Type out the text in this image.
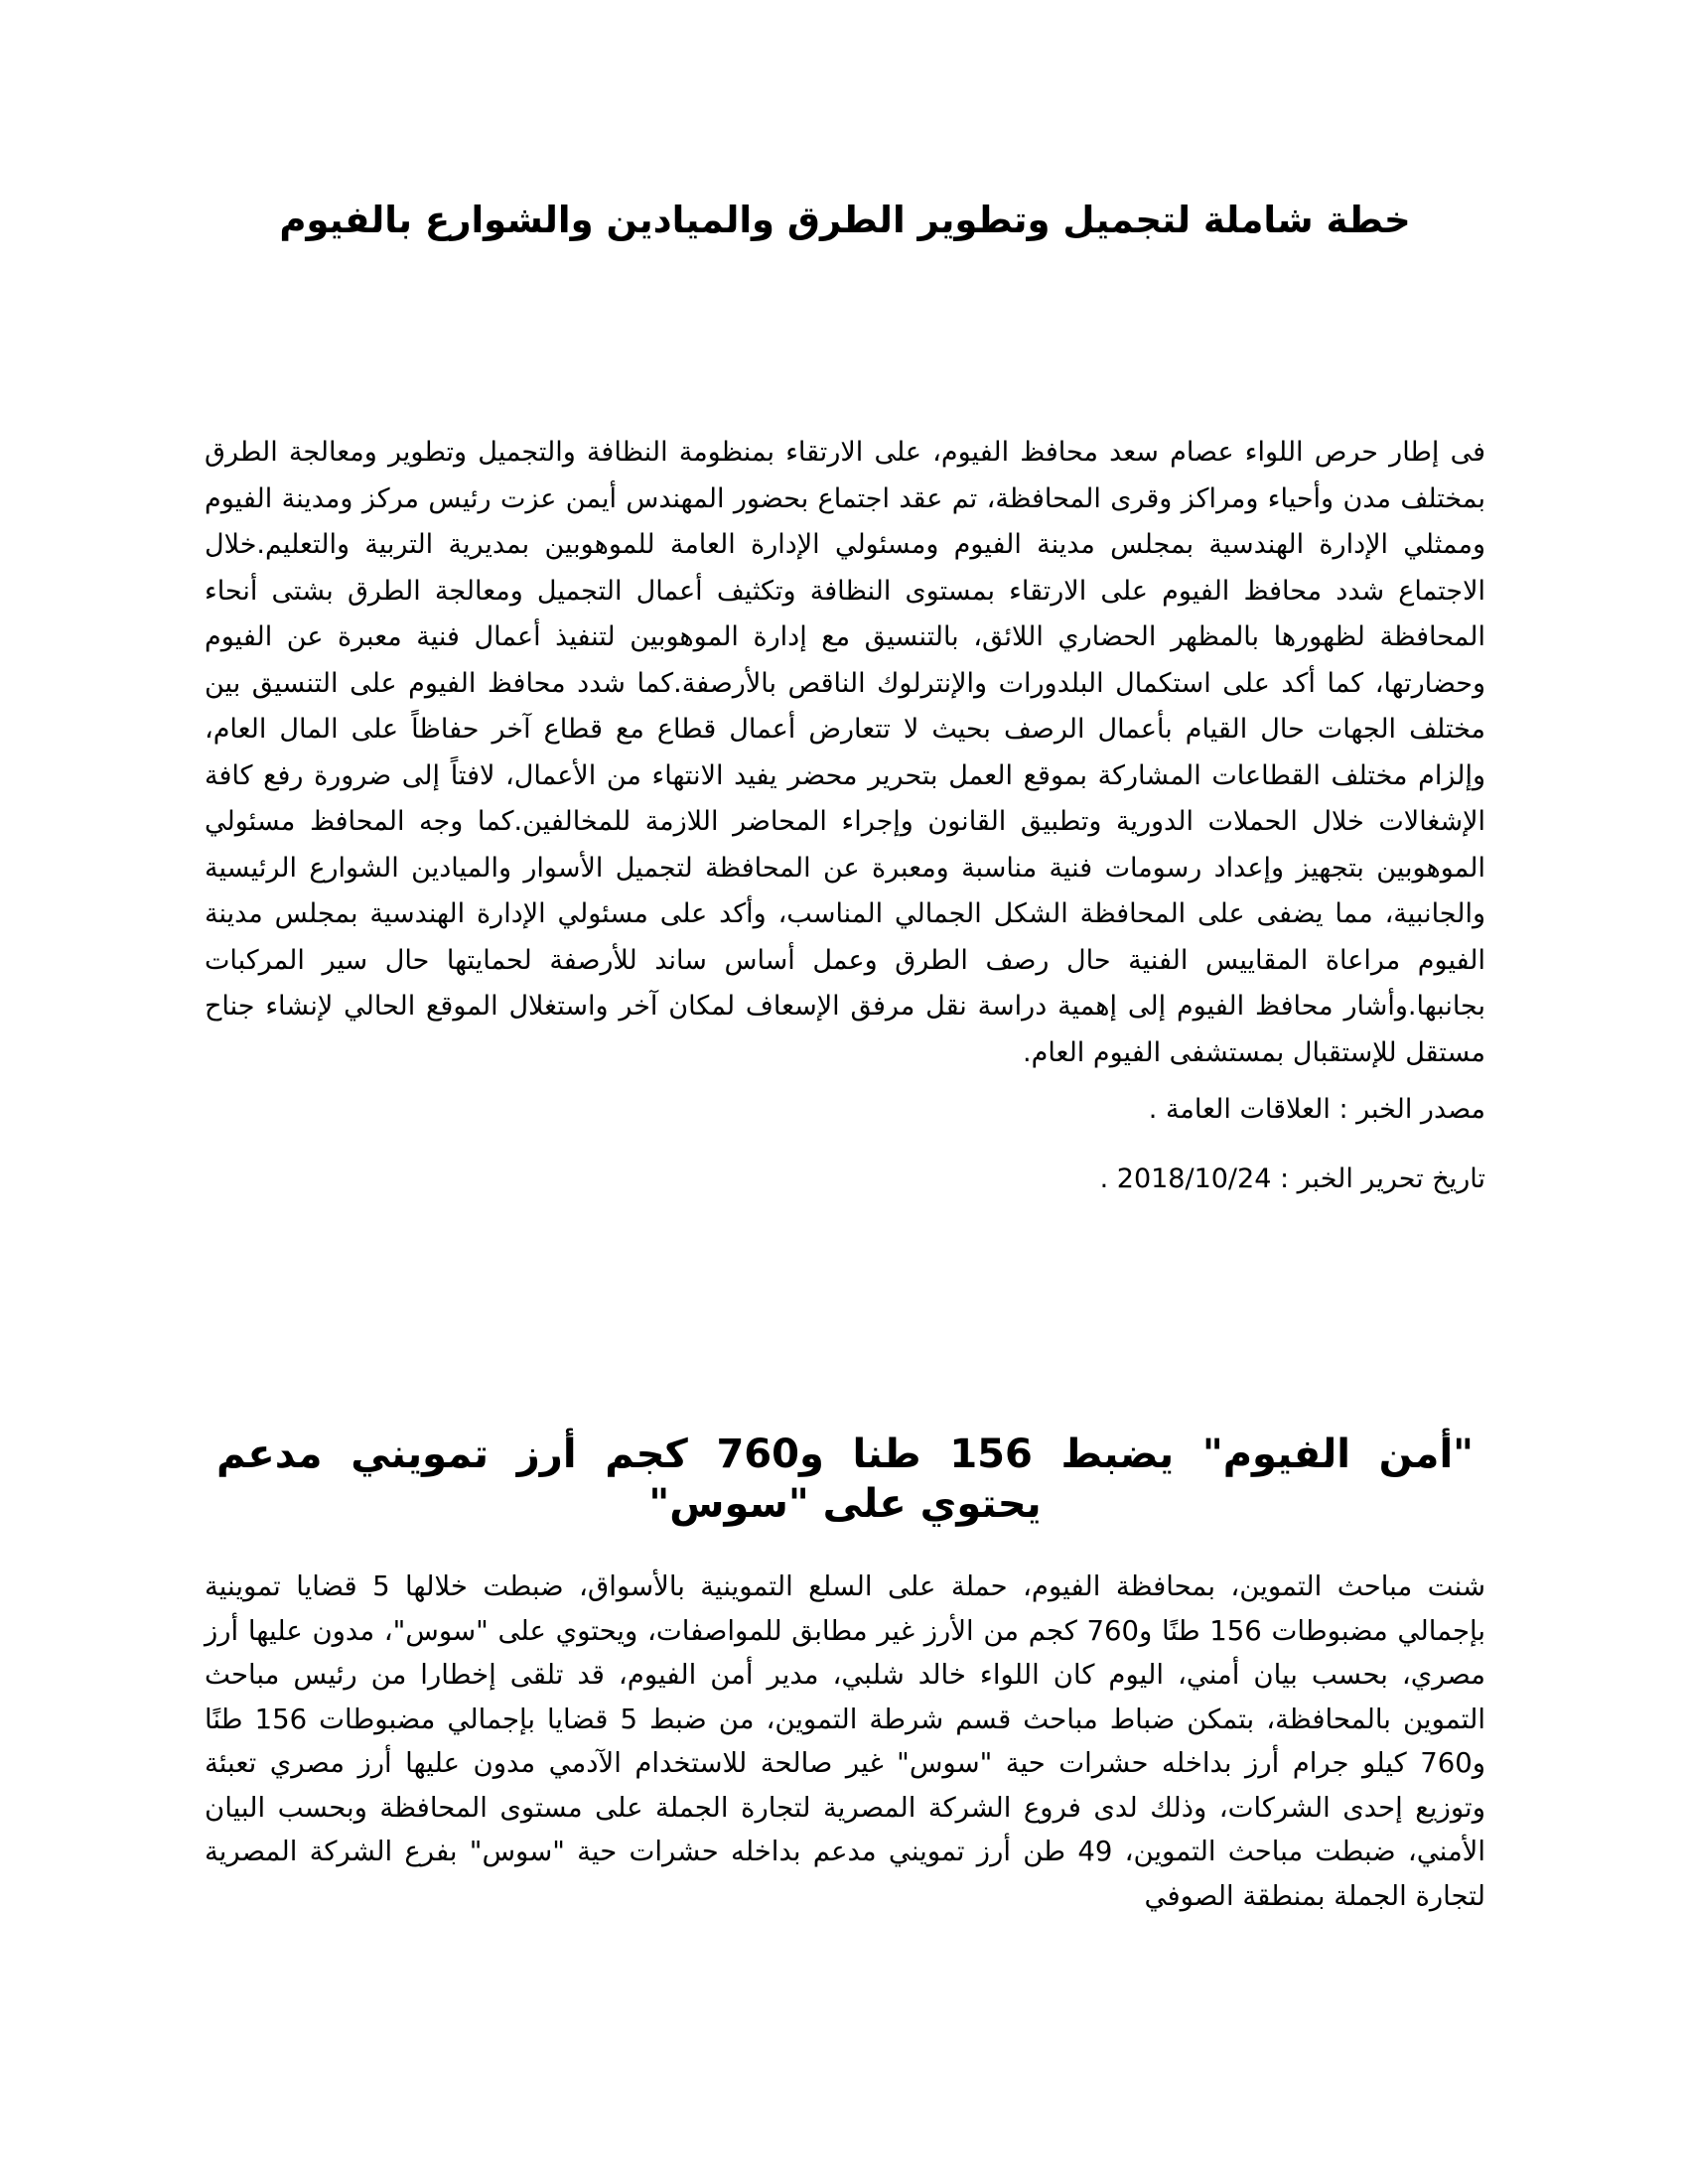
خطة شاملة لتجميل وتطوير الطرق والميادين والشوارع بالفيوم

فى إطار حرص اللواء عصام سعد محافظ الفيوم، على الارتقاء بمنظومة النظافة والتجميل وتطوير ومعالجة الطرق بمختلف مدن وأحياء ومراكز وقرى المحافظة، تم عقد اجتماع بحضور المهندس أيمن عزت رئيس مركز ومدينة الفيوم وممثلي الإدارة الهندسية بمجلس مدينة الفيوم ومسئولي الإدارة العامة للموهوبين بمديرية التربية والتعليم.خلال الاجتماع شدد محافظ الفيوم على الارتقاء بمستوى النظافة وتكثيف أعمال التجميل ومعالجة الطرق بشتى أنحاء المحافظة لظهورها بالمظهر الحضاري اللائق، بالتنسيق مع إدارة الموهوبين لتنفيذ أعمال فنية معبرة عن الفيوم وحضارتها، كما أكد على استكمال البلدورات والإنترلوك الناقص بالأرصفة.كما شدد محافظ الفيوم على التنسيق بين مختلف الجهات حال القيام بأعمال الرصف بحيث لا تتعارض أعمال قطاع مع قطاع آخر حفاظاً على المال العام، وإلزام مختلف القطاعات المشاركة بموقع العمل بتحرير محضر يفيد الانتهاء من الأعمال، لافتاً إلى ضرورة رفع كافة الإشغالات خلال الحملات الدورية وتطبيق القانون وإجراء المحاضر اللازمة للمخالفين.كما وجه المحافظ مسئولي الموهوبين بتجهيز وإعداد رسومات فنية مناسبة ومعبرة عن المحافظة لتجميل الأسوار والميادين الشوارع الرئيسية والجانبية، مما يضفى على المحافظة الشكل الجمالي المناسب، وأكد على مسئولي الإدارة الهندسية بمجلس مدينة الفيوم مراعاة المقاييس الفنية حال رصف الطرق وعمل أساس ساند للأرصفة لحمايتها حال سير المركبات بجانبها.وأشار محافظ الفيوم إلى إهمية دراسة نقل مرفق الإسعاف لمكان آخر واستغلال الموقع الحالي لإنشاء جناح مستقل للإستقبال بمستشفى الفيوم العام.

مصدر الخبر : العلاقات العامة .

تاريخ تحرير الخبر : 2018/10/24 .

"أمن الفيوم" يضبط 156 طنا و760 كجم أرز تمويني مدعم يحتوي على "سوس"

شنت مباحث التموين، بمحافظة الفيوم، حملة على السلع التموينية بالأسواق، ضبطت خلالها 5 قضايا تموينية بإجمالي مضبوطات 156 طنًا و760 كجم من الأرز غير مطابق للمواصفات، ويحتوي على "سوس"، مدون عليها أرز مصري، بحسب بيان أمني، اليوم كان اللواء خالد شلبي، مدير أمن الفيوم، قد تلقى إخطارا من رئيس مباحث التموين بالمحافظة، بتمكن ضباط مباحث قسم شرطة التموين، من ضبط 5 قضايا بإجمالي مضبوطات 156 طنًا و760 كيلو جرام أرز بداخله حشرات حية "سوس" غير صالحة للاستخدام الآدمي مدون عليها أرز مصري تعبئة وتوزيع إحدى الشركات، وذلك لدى فروع الشركة المصرية لتجارة الجملة على مستوى المحافظة وبحسب البيان الأمني، ضبطت مباحث التموين، 49 طن أرز تمويني مدعم بداخله حشرات حية "سوس" بفرع الشركة المصرية لتجارة الجملة بمنطقة الصوفي
